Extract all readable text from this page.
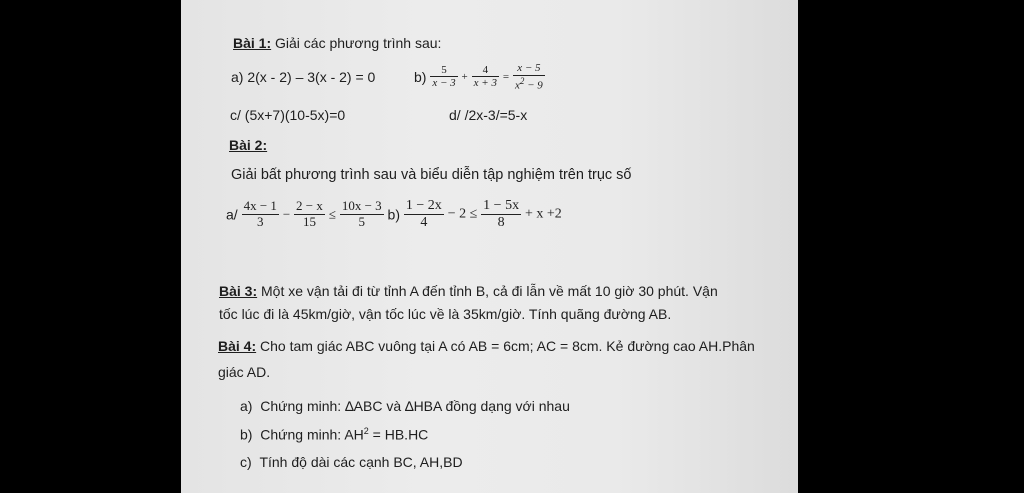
Bài 1: Giải các phương trình sau:
a) 2(x - 2) – 3(x - 2) = 0	$b) \frac{5}{x - 3} + \frac{4}{x + 3} = \frac{x - 5}{x^2 - 9}$
c/ (5x+7)(10-5x)=0	d/ /2x-3/=5-x
Bài 2:
Giải bất phương trình sau và biểu diễn tập nghiệm trên trục số
$a/ \frac{4x - 1}{3} - \frac{2 - x}{15} \le \frac{10x - 3}{5} b) \frac{1 - 2x}{4} - 2 \le \frac{1 - 5x}{8} + x +2$
Bài 3: Một xe vận tải đi từ tỉnh A đến tỉnh B, cả đi lẫn về mất 10 giờ 30 phút. Vận
tốc lúc đi là 45km/giờ, vận tốc lúc về là 35km/giờ. Tính quãng đường AB.
Bài 4: Cho tam giác ABC vuông tại A có AB = 6cm; AC = 8cm. Kẻ đường cao AH.Phân
giác AD.
a) Chứng minh: ∆ABC và ∆HBA đồng dạng với nhau
b) Chứng minh: $AH^2 = HB.HC$
c) Tính độ dài các cạnh BC, AH,BD
